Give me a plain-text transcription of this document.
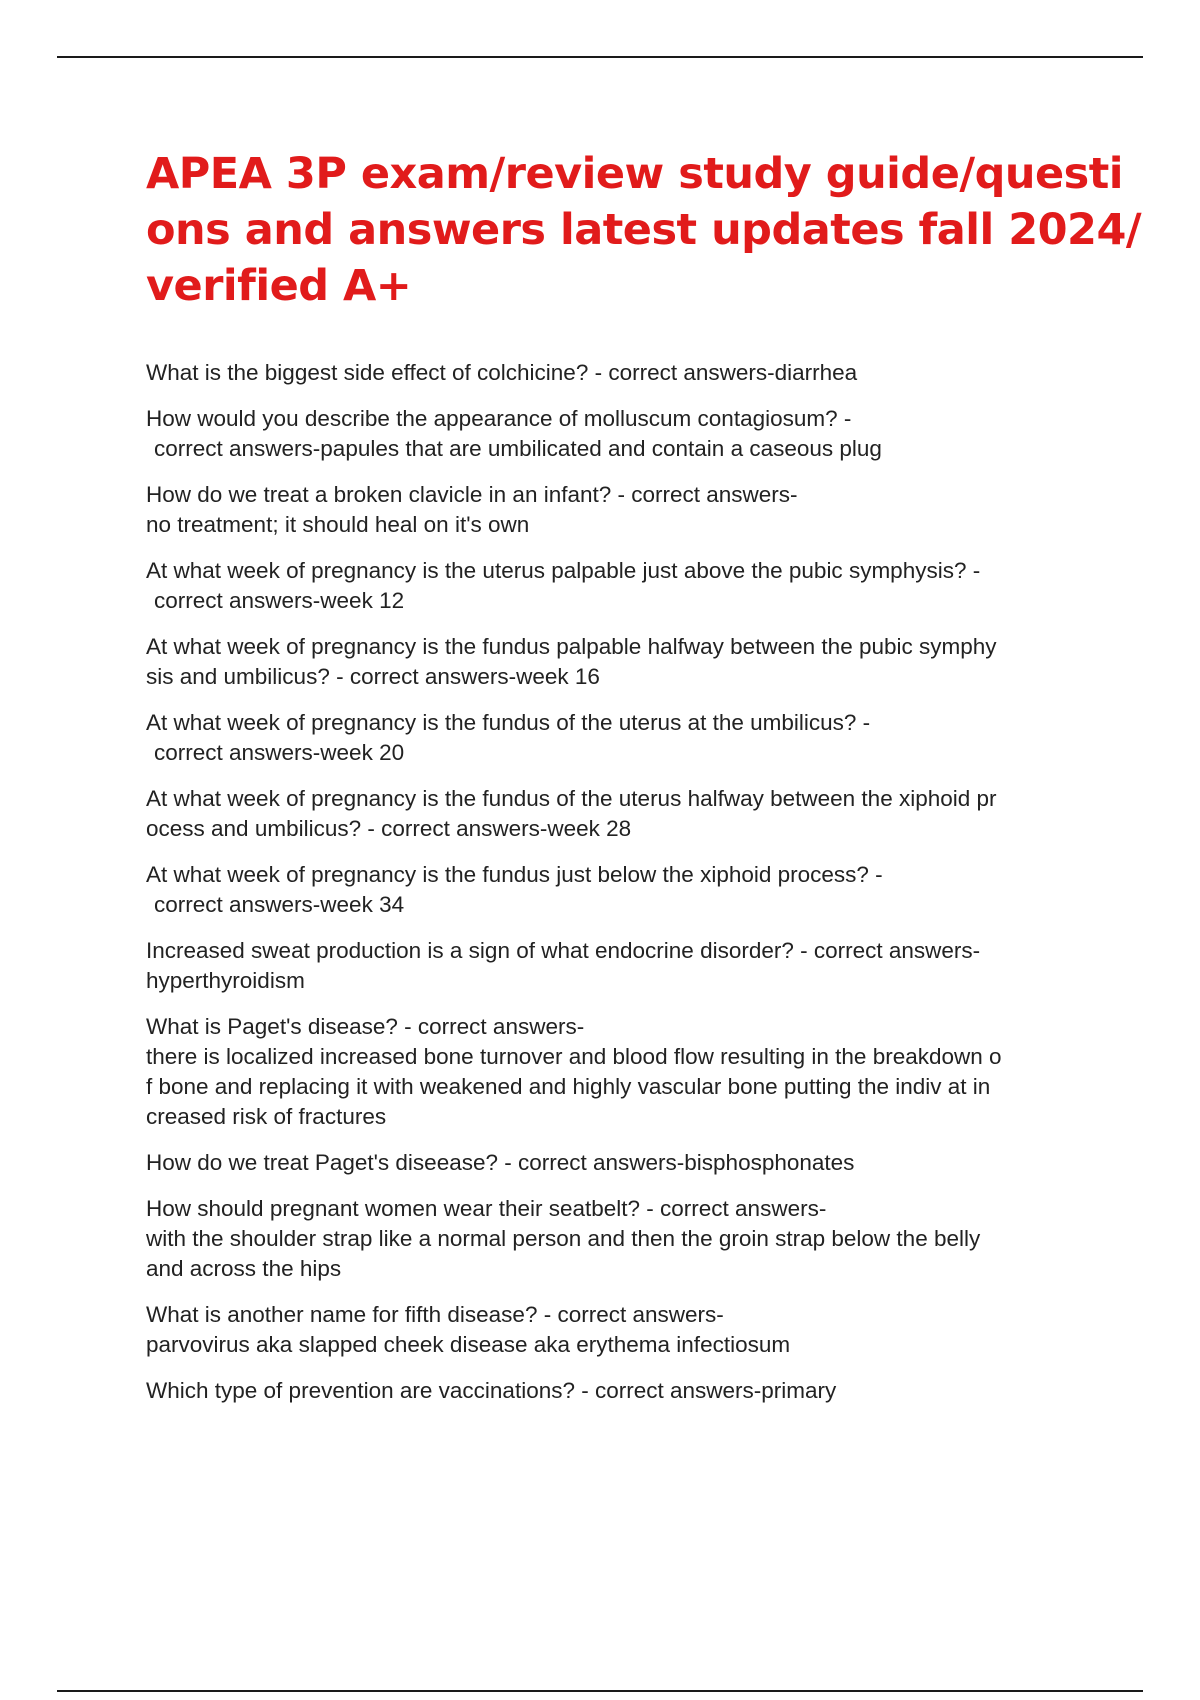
APEA 3P exam/review study guide/questi
ons and answers latest updates fall 2024/
verified A+
What is the biggest side effect of colchicine? - correct answers-diarrhea
How would you describe the appearance of molluscum contagiosum? -
correct answers-papules that are umbilicated and contain a caseous plug
How do we treat a broken clavicle in an infant? - correct answers-
no treatment; it should heal on it's own
At what week of pregnancy is the uterus palpable just above the pubic symphysis? -
correct answers-week 12
At what week of pregnancy is the fundus palpable halfway between the pubic symphy
sis and umbilicus? - correct answers-week 16
At what week of pregnancy is the fundus of the uterus at the umbilicus? -
correct answers-week 20
At what week of pregnancy is the fundus of the uterus halfway between the xiphoid pr
ocess and umbilicus? - correct answers-week 28
At what week of pregnancy is the fundus just below the xiphoid process? -
correct answers-week 34
Increased sweat production is a sign of what endocrine disorder? - correct answers-
hyperthyroidism
What is Paget's disease? - correct answers-
there is localized increased bone turnover and blood flow resulting in the breakdown o
f bone and replacing it with weakened and highly vascular bone putting the indiv at in
creased risk of fractures
How do we treat Paget's diseease? - correct answers-bisphosphonates
How should pregnant women wear their seatbelt? - correct answers-
with the shoulder strap like a normal person and then the groin strap below the belly
and across the hips
What is another name for fifth disease? - correct answers-
parvovirus aka slapped cheek disease aka erythema infectiosum
Which type of prevention are vaccinations? - correct answers-primary
